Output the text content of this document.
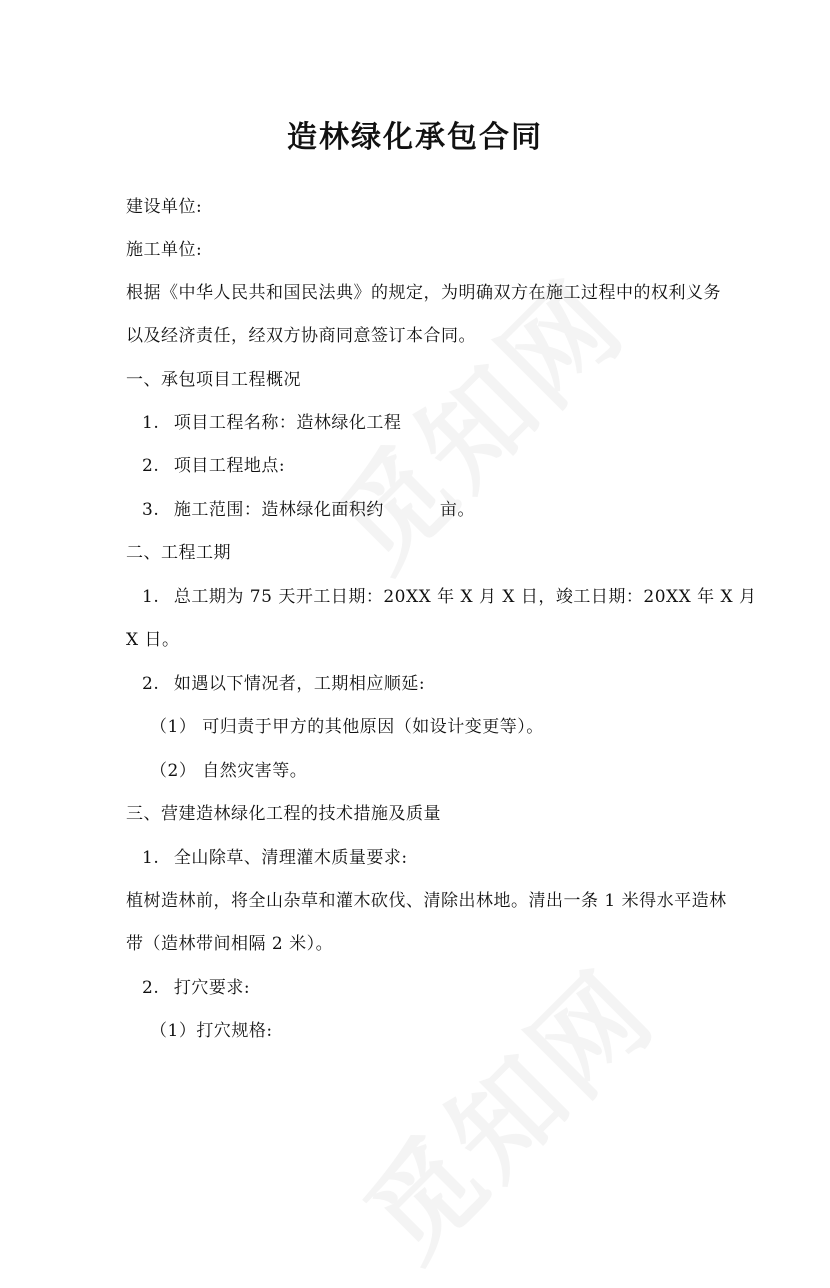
造林绿化承包合同
建设单位:
施工单位:
根据《中华人民共和国民法典》的规定，为明确双方在施工过程中的权利义务
以及经济责任，经双方协商同意签订本合同。
一、承包项目工程概况
1. 项目工程名称：造林绿化工程
2. 项目工程地点:
3. 施工范围：造林绿化面积约	亩。
二、工程工期
1. 总工期为 75 天开工日期：20XX 年 X 月 X 日，竣工日期：20XX 年 X 月
X 日。
2. 如遇以下情况者，工期相应顺延:
（1） 可归责于甲方的其他原因（如设计变更等）。
（2） 自然灾害等。
三、营建造林绿化工程的技术措施及质量
1. 全山除草、清理灌木质量要求:
植树造林前，将全山杂草和灌木砍伐、清除出林地。清出一条 1 米得水平造林
带（造林带间相隔 2 米）。
2. 打穴要求:
（1）打穴规格:
